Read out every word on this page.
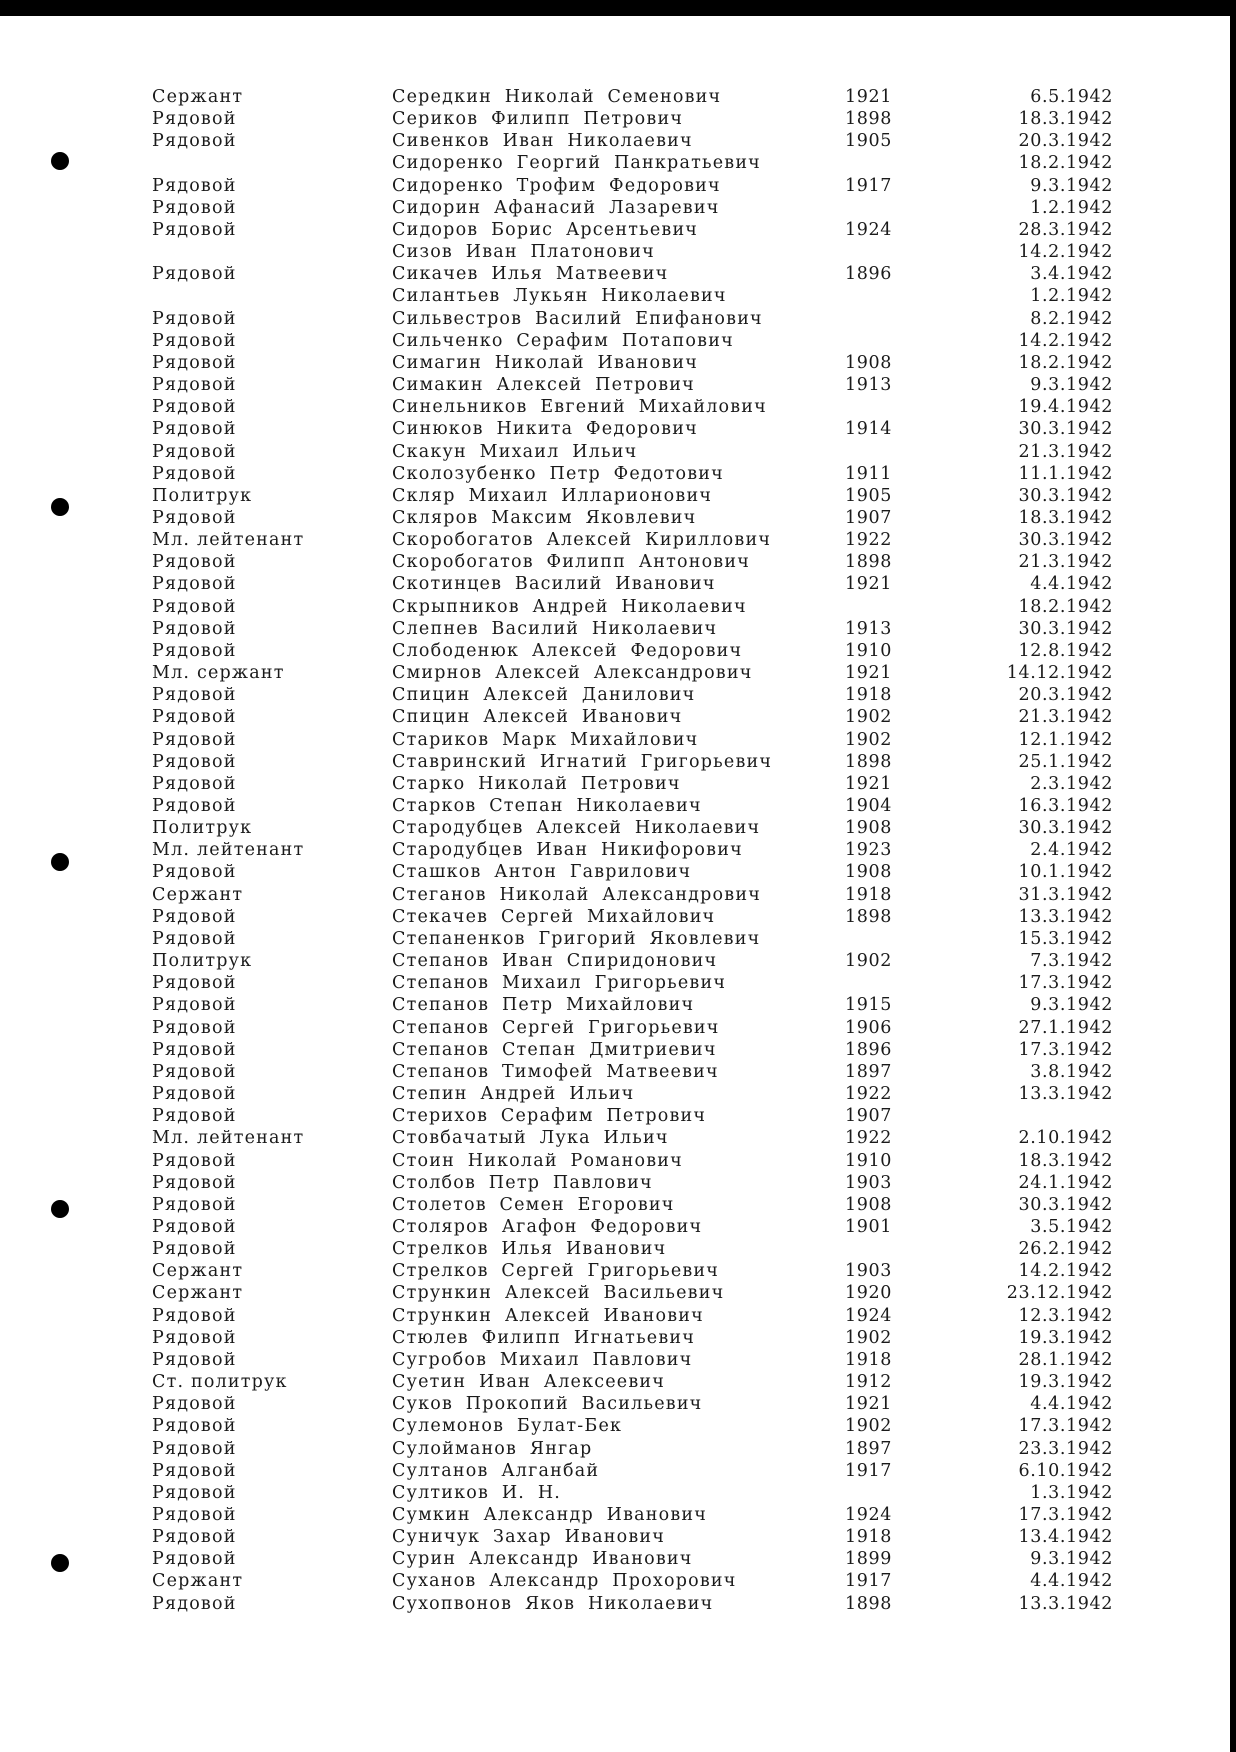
Сержант	Середкин Николай Семенович	1921	6.5.1942
Рядовой	Сериков Филипп Петрович	1898	18.3.1942
Рядовой	Сивенков Иван Николаевич	1905	20.3.1942
Сидоренко Георгий Панкратьевич	18.2.1942
Рядовой	Сидоренко Трофим Федорович	1917	9.3.1942
Рядовой	Сидорин Афанасий Лазаревич	1.2.1942
Рядовой	Сидоров Борис Арсентьевич	1924	28.3.1942
Сизов Иван Платонович	14.2.1942
Рядовой	Сикачев Илья Матвеевич	1896	3.4.1942
Силантьев Лукьян Николаевич	1.2.1942
Рядовой	Сильвестров Василий Епифанович	8.2.1942
Рядовой	Сильченко Серафим Потапович	14.2.1942
Рядовой	Симагин Николай Иванович	1908	18.2.1942
Рядовой	Симакин Алексей Петрович	1913	9.3.1942
Рядовой	Синельников Евгений Михайлович	19.4.1942
Рядовой	Синюков Никита Федорович	1914	30.3.1942
Рядовой	Скакун Михаил Ильич	21.3.1942
Рядовой	Сколозубенко Петр Федотович	1911	11.1.1942
Политрук	Скляр Михаил Илларионович	1905	30.3.1942
Рядовой	Скляров Максим Яковлевич	1907	18.3.1942
Мл. лейтенант	Скоробогатов Алексей Кириллович	1922	30.3.1942
Рядовой	Скоробогатов Филипп Антонович	1898	21.3.1942
Рядовой	Скотинцев Василий Иванович	1921	4.4.1942
Рядовой	Скрыпников Андрей Николаевич	18.2.1942
Рядовой	Слепнев Василий Николаевич	1913	30.3.1942
Рядовой	Слободенюк Алексей Федорович	1910	12.8.1942
Мл. сержант	Смирнов Алексей Александрович	1921	14.12.1942
Рядовой	Спицин Алексей Данилович	1918	20.3.1942
Рядовой	Спицин Алексей Иванович	1902	21.3.1942
Рядовой	Стариков Марк Михайлович	1902	12.1.1942
Рядовой	Ставринский Игнатий Григорьевич	1898	25.1.1942
Рядовой	Старко Николай Петрович	1921	2.3.1942
Рядовой	Старков Степан Николаевич	1904	16.3.1942
Политрук	Стародубцев Алексей Николаевич	1908	30.3.1942
Мл. лейтенант	Стародубцев Иван Никифорович	1923	2.4.1942
Рядовой	Сташков Антон Гаврилович	1908	10.1.1942
Сержант	Стеганов Николай Александрович	1918	31.3.1942
Рядовой	Стекачев Сергей Михайлович	1898	13.3.1942
Рядовой	Степаненков Григорий Яковлевич	15.3.1942
Политрук	Степанов Иван Спиридонович	1902	7.3.1942
Рядовой	Степанов Михаил Григорьевич	17.3.1942
Рядовой	Степанов Петр Михайлович	1915	9.3.1942
Рядовой	Степанов Сергей Григорьевич	1906	27.1.1942
Рядовой	Степанов Степан Дмитриевич	1896	17.3.1942
Рядовой	Степанов Тимофей Матвеевич	1897	3.8.1942
Рядовой	Степин Андрей Ильич	1922	13.3.1942
Рядовой	Стерихов Серафим Петрович	1907
Мл. лейтенант	Стовбачатый Лука Ильич	1922	2.10.1942
Рядовой	Стоин Николай Романович	1910	18.3.1942
Рядовой	Столбов Петр Павлович	1903	24.1.1942
Рядовой	Столетов Семен Егорович	1908	30.3.1942
Рядовой	Столяров Агафон Федорович	1901	3.5.1942
Рядовой	Стрелков Илья Иванович	26.2.1942
Сержант	Стрелков Сергей Григорьевич	1903	14.2.1942
Сержант	Стрункин Алексей Васильевич	1920	23.12.1942
Рядовой	Стрункин Алексей Иванович	1924	12.3.1942
Рядовой	Стюлев Филипп Игнатьевич	1902	19.3.1942
Рядовой	Сугробов Михаил Павлович	1918	28.1.1942
Ст. политрук	Суетин Иван Алексеевич	1912	19.3.1942
Рядовой	Суков Прокопий Васильевич	1921	4.4.1942
Рядовой	Сулемонов Булат-Бек	1902	17.3.1942
Рядовой	Сулойманов Янгар	1897	23.3.1942
Рядовой	Султанов Алганбай	1917	6.10.1942
Рядовой	Султиков И. Н.	1.3.1942
Рядовой	Сумкин Александр Иванович	1924	17.3.1942
Рядовой	Суничук Захар Иванович	1918	13.4.1942
Рядовой	Сурин Александр Иванович	1899	9.3.1942
Сержант	Суханов Александр Прохорович	1917	4.4.1942
Рядовой	Сухопвонов Яков Николаевич	1898	13.3.1942
